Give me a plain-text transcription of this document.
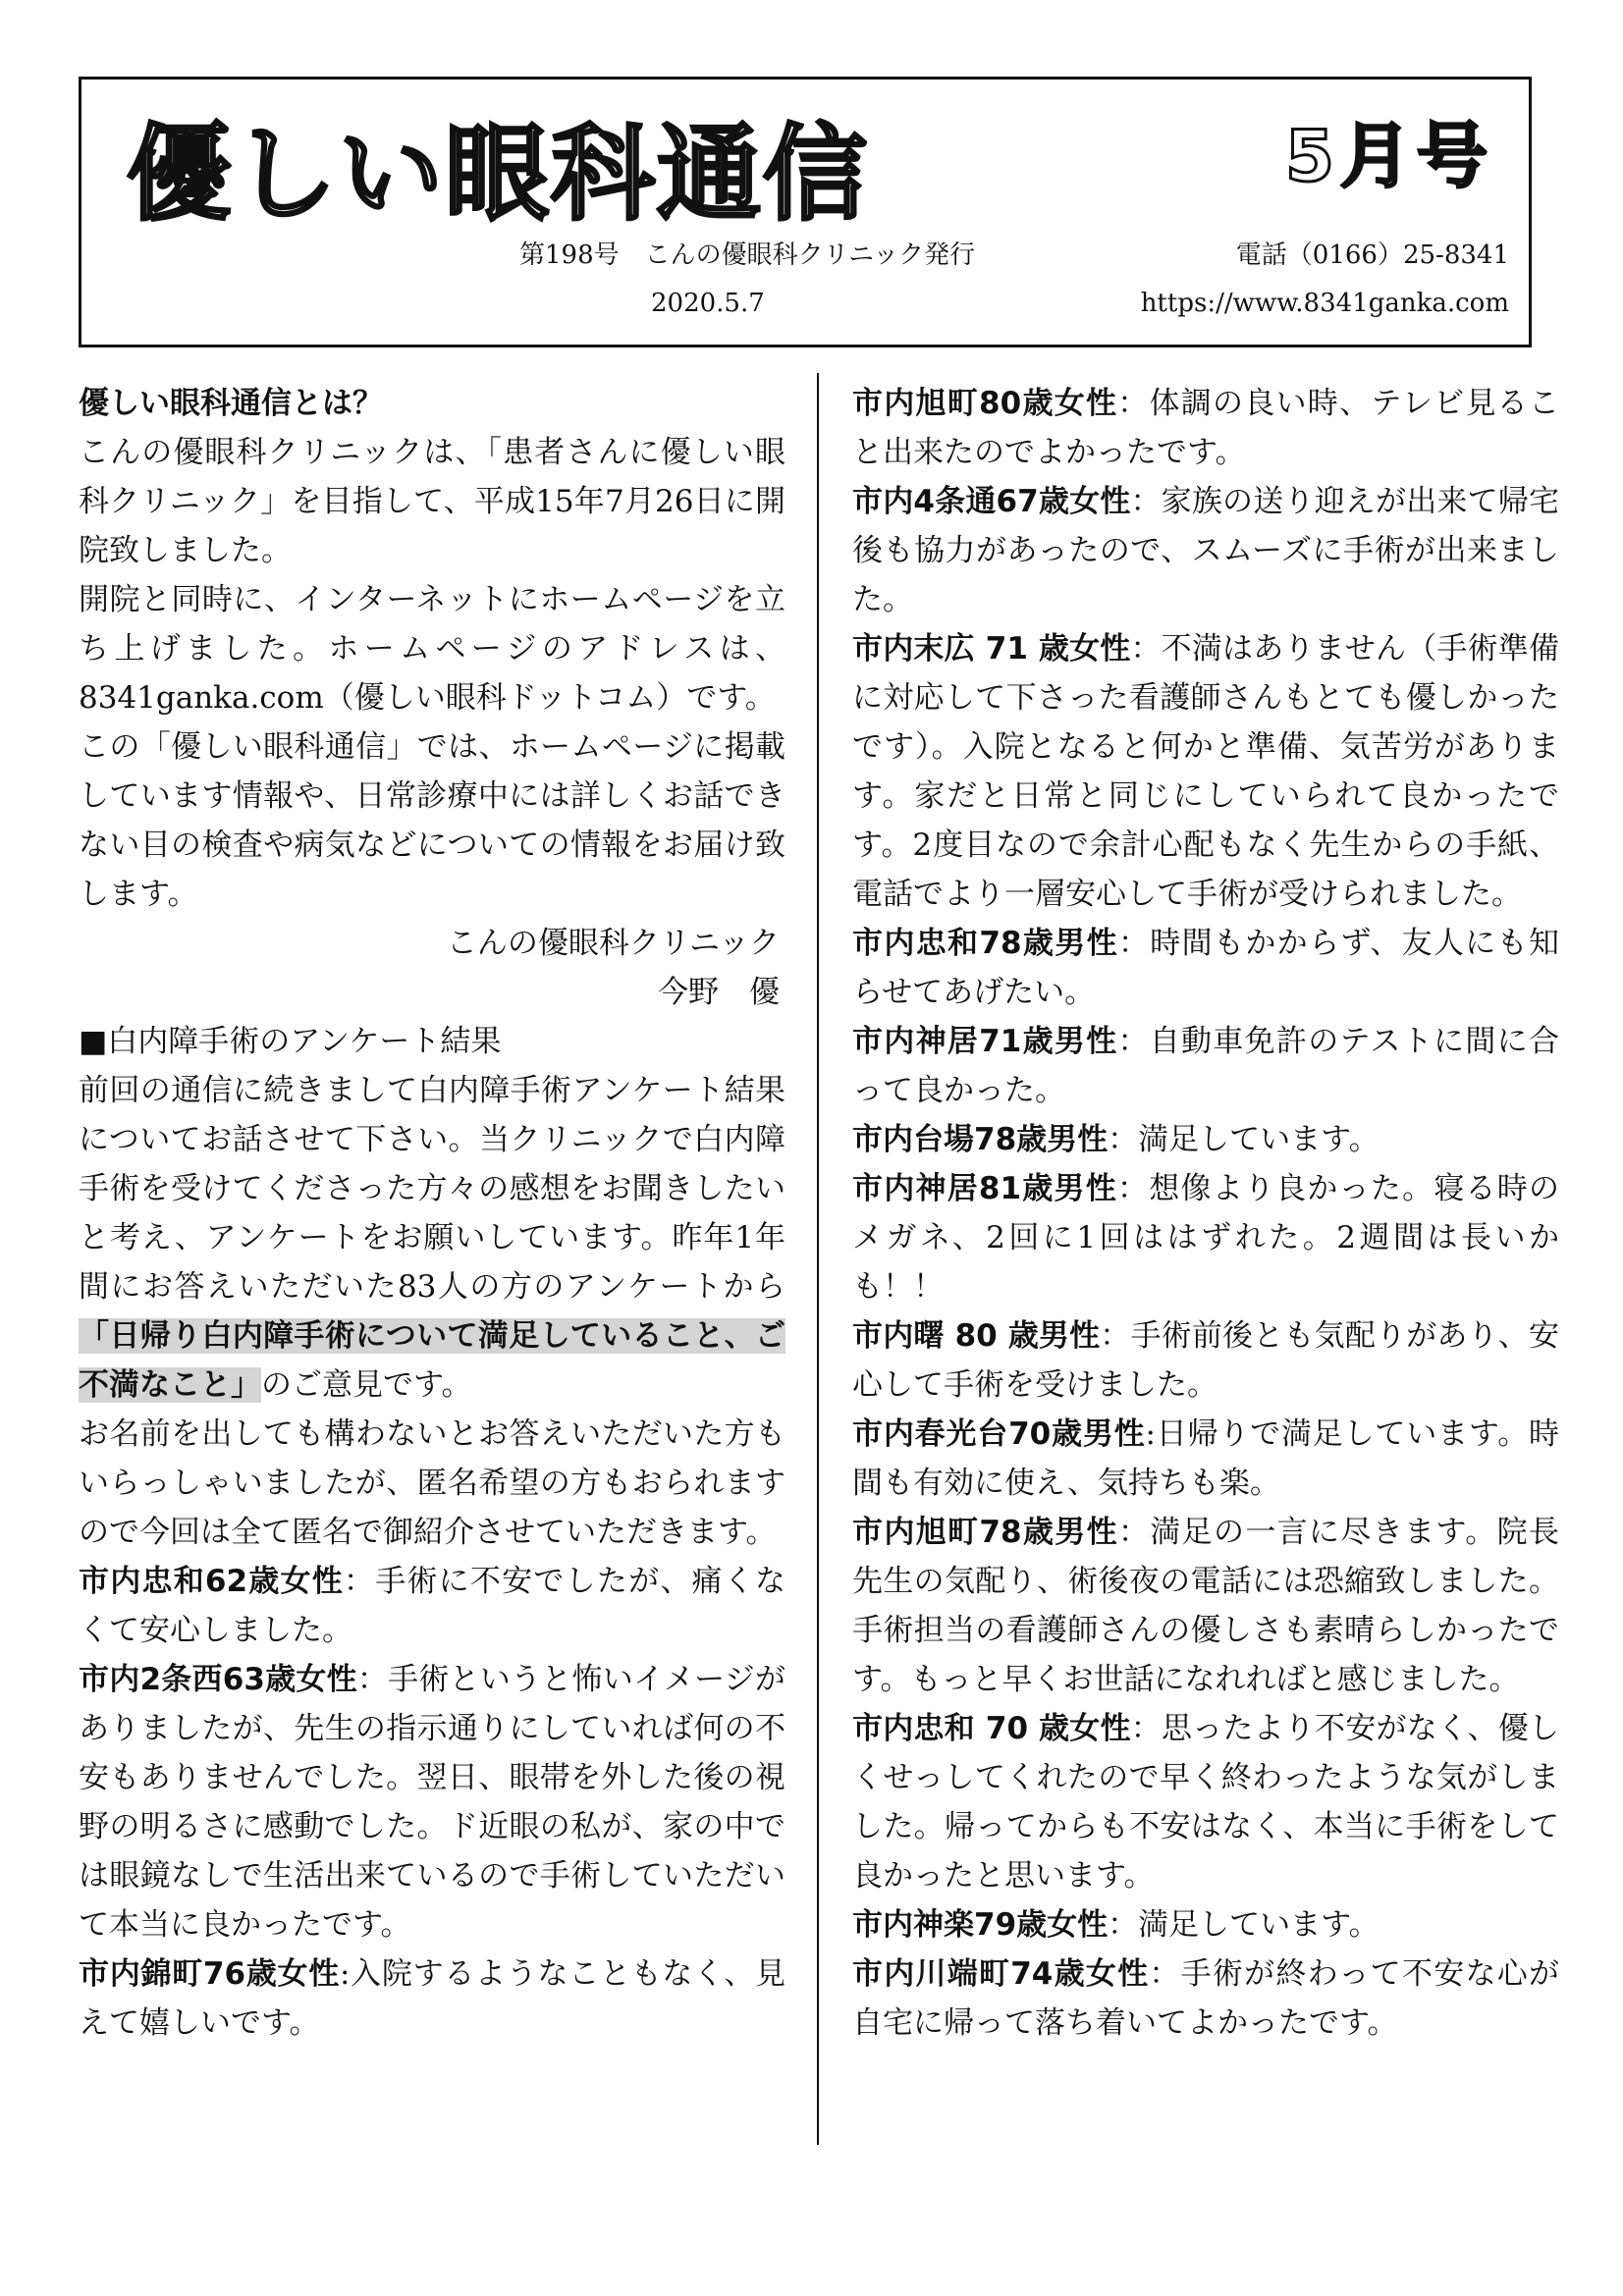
優しい眼科通信	5月号
第198号　こんの優眼科クリニック発行	電話（0166）25-8341
2020.5.7	https://www.8341ganka.com

優しい眼科通信とは？

こんの優眼科クリニックは、「患者さんに優しい眼科クリニック」を目指して、平成15年7月26日に開院致しました。

開院と同時に、インターネットにホームページを立ち上げました。ホームページのアドレスは、8341ganka.com（優しい眼科ドットコム）です。

この「優しい眼科通信」では、ホームページに掲載しています情報や、日常診療中には詳しくお話できない目の検査や病気などについての情報をお届け致します。

こんの優眼科クリニック

今野　優

■白内障手術のアンケート結果

前回の通信に続きまして白内障手術アンケート結果についてお話させて下さい。当クリニックで白内障手術を受けてくださった方々の感想をお聞きしたいと考え、アンケートをお願いしています。昨年1年間にお答えいただいた83人の方のアンケートから「日帰り白内障手術について満足していること、ご不満なこと」のご意見です。

お名前を出しても構わないとお答えいただいた方もいらっしゃいましたが、匿名希望の方もおられますので今回は全て匿名で御紹介させていただきます。

市内忠和62歳女性：手術に不安でしたが、痛くなくて安心しました。

市内2条西63歳女性：手術というと怖いイメージがありましたが、先生の指示通りにしていれば何の不安もありませんでした。翌日、眼帯を外した後の視野の明るさに感動でした。ド近眼の私が、家の中では眼鏡なしで生活出来ているので手術していただいて本当に良かったです。

市内錦町76歳女性:入院するようなこともなく、見えて嬉しいです。

市内旭町80歳女性：体調の良い時、テレビ見ること出来たのでよかったです。

市内4条通67歳女性：家族の送り迎えが出来て帰宅後も協力があったので、スムーズに手術が出来ました。

市内末広 71 歳女性：不満はありません（手術準備に対応して下さった看護師さんもとても優しかったです）。入院となると何かと準備、気苦労があります。家だと日常と同じにしていられて良かったです。2度目なので余計心配もなく先生からの手紙、電話でより一層安心して手術が受けられました。

市内忠和78歳男性：時間もかからず、友人にも知らせてあげたい。

市内神居71歳男性：自動車免許のテストに間に合って良かった。

市内台場78歳男性：満足しています。

市内神居81歳男性：想像より良かった。寝る時のメガネ、2回に1回ははずれた。2週間は長いかも！！

市内曙 80 歳男性：手術前後とも気配りがあり、安心して手術を受けました。

市内春光台70歳男性:日帰りで満足しています。時間も有効に使え、気持ちも楽。

市内旭町78歳男性：満足の一言に尽きます。院長先生の気配り、術後夜の電話には恐縮致しました。手術担当の看護師さんの優しさも素晴らしかったです。もっと早くお世話になれればと感じました。

市内忠和 70 歳女性：思ったより不安がなく、優しくせっしてくれたので早く終わったような気がしました。帰ってからも不安はなく、本当に手術をして良かったと思います。

市内神楽79歳女性：満足しています。

市内川端町74歳女性：手術が終わって不安な心が自宅に帰って落ち着いてよかったです。
